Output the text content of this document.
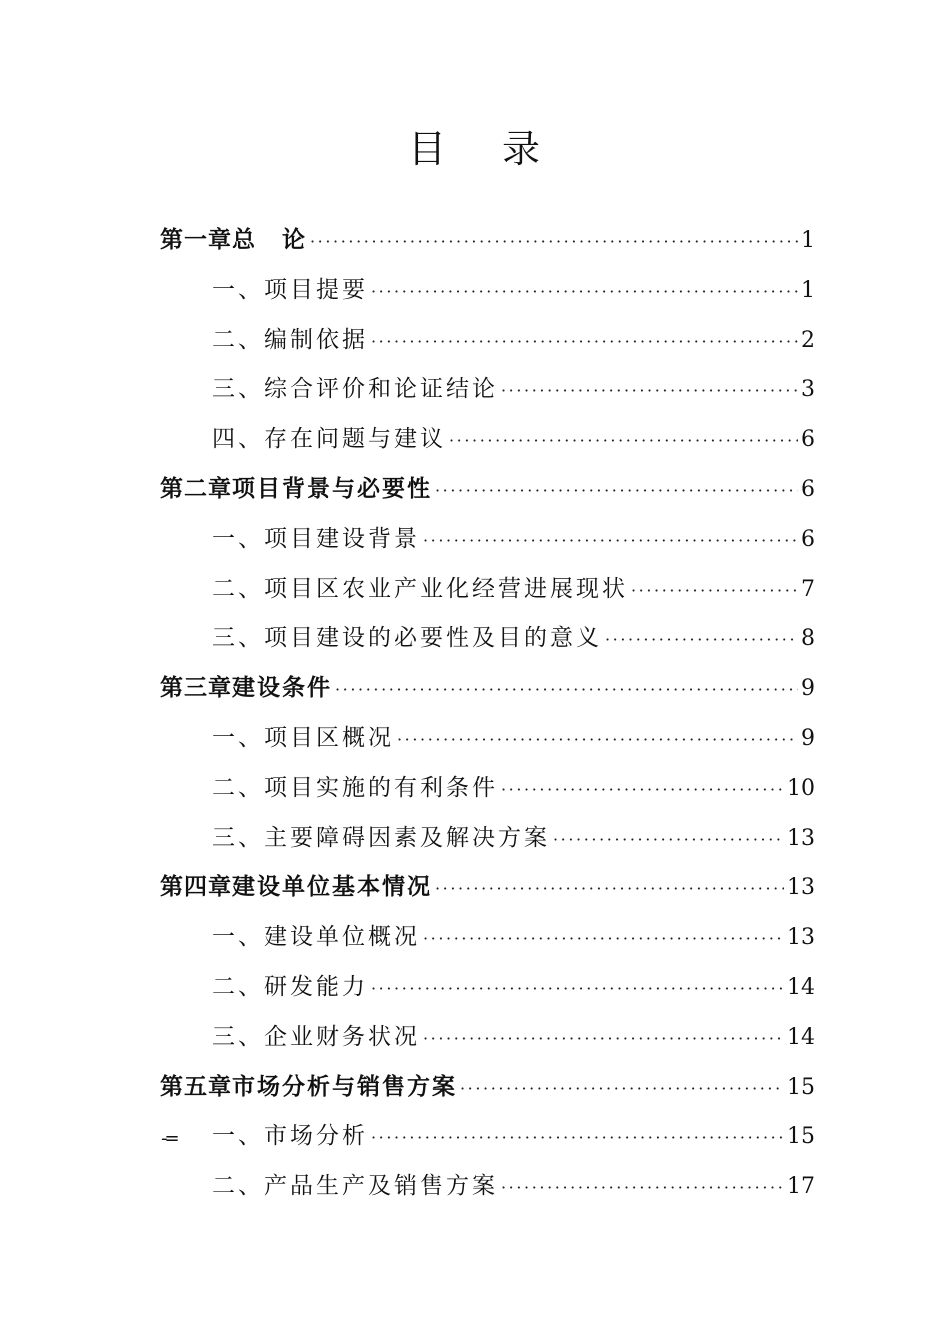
目 录
第一章 总　论 ·····	1
一、项目提要 ·····	1
二、编制依据 ·····	2
三、综合评价和论证结论 ·····	3
四、存在问题与建议 ·····	6
第二章 项目背景与必要性 ·····	6
一、项目建设背景 ·····	6
二、项目区农业产业化经营进展现状 ·····	7
三、项目建设的必要性及目的意义 ·····	8
第三章 建设条件 ·····	9
一、项目区概况 ·····	9
二、项目实施的有利条件 ·····	10
三、主要障碍因素及解决方案 ·····	13
第四章 建设单位基本情况 ·····	13
一、建设单位概况 ·····	13
二、研发能力 ·····	14
三、企业财务状况 ·····	14
第五章 市场分析与销售方案 ·····	15
一、市场分析 ·····	15
二、产品生产及销售方案 ·····	17
-=
